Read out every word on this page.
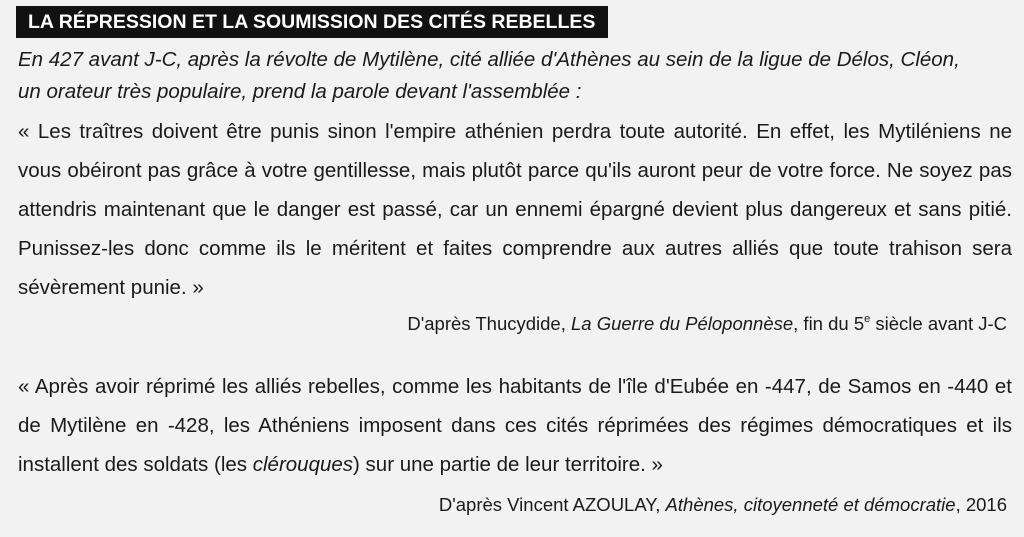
LA RÉPRESSION ET LA SOUMISSION DES CITÉS REBELLES
En 427 avant J-C, après la révolte de Mytilène, cité alliée d'Athènes au sein de la ligue de Délos, Cléon,
un orateur très populaire, prend la parole devant l'assemblée :
« Les traîtres doivent être punis sinon l'empire athénien perdra toute autorité. En effet, les Mytiléniens ne vous obéiront pas grâce à votre gentillesse, mais plutôt parce qu'ils auront peur de votre force. Ne soyez pas attendris maintenant que le danger est passé, car un ennemi épargné devient plus dangereux et sans pitié. Punissez-les donc comme ils le méritent et faites comprendre aux autres alliés que toute trahison sera sévèrement punie. »
D'après Thucydide, La Guerre du Péloponnèse, fin du 5e siècle avant J-C
« Après avoir réprimé les alliés rebelles, comme les habitants de l'île d'Eubée en -447, de Samos en -440 et de Mytilène en -428, les Athéniens imposent dans ces cités réprimées des régimes démocratiques et ils installent des soldats (les clérouques) sur une partie de leur territoire. »
D'après Vincent AZOULAY, Athènes, citoyenneté et démocratie, 2016
